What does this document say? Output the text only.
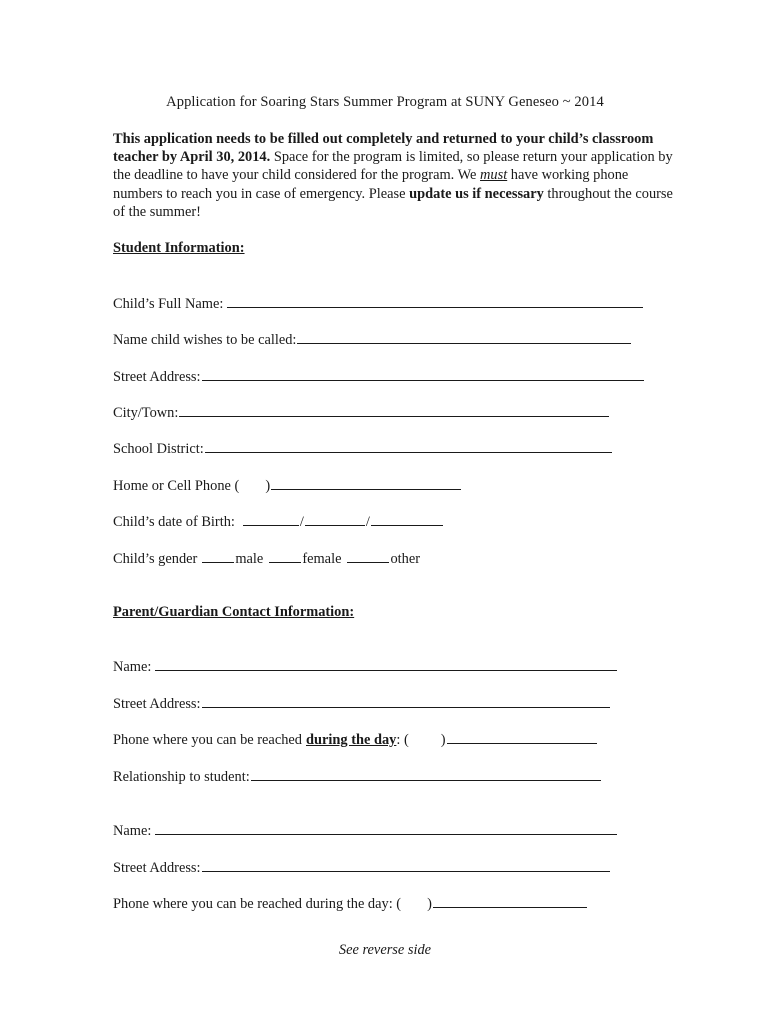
Application for Soaring Stars Summer Program at SUNY Geneseo ~ 2014
This application needs to be filled out completely and returned to your child’s classroom teacher by April 30, 2014. Space for the program is limited, so please return your application by the deadline to have your child considered for the program. We must have working phone numbers to reach you in case of emergency. Please update us if necessary throughout the course of the summer!
Student Information:
Child’s Full Name:
Name child wishes to be called:
Street Address:
City/Town:
School District:
Home or Cell Phone ( )
Child’s date of Birth:	/	/
Child’s gender	male	female	other
Parent/Guardian Contact Information:
Name:
Street Address:
Phone where you can be reached during the day : ( )
Relationship to student:
Name:
Street Address:
Phone where you can be reached during the day: ( )
See reverse side
